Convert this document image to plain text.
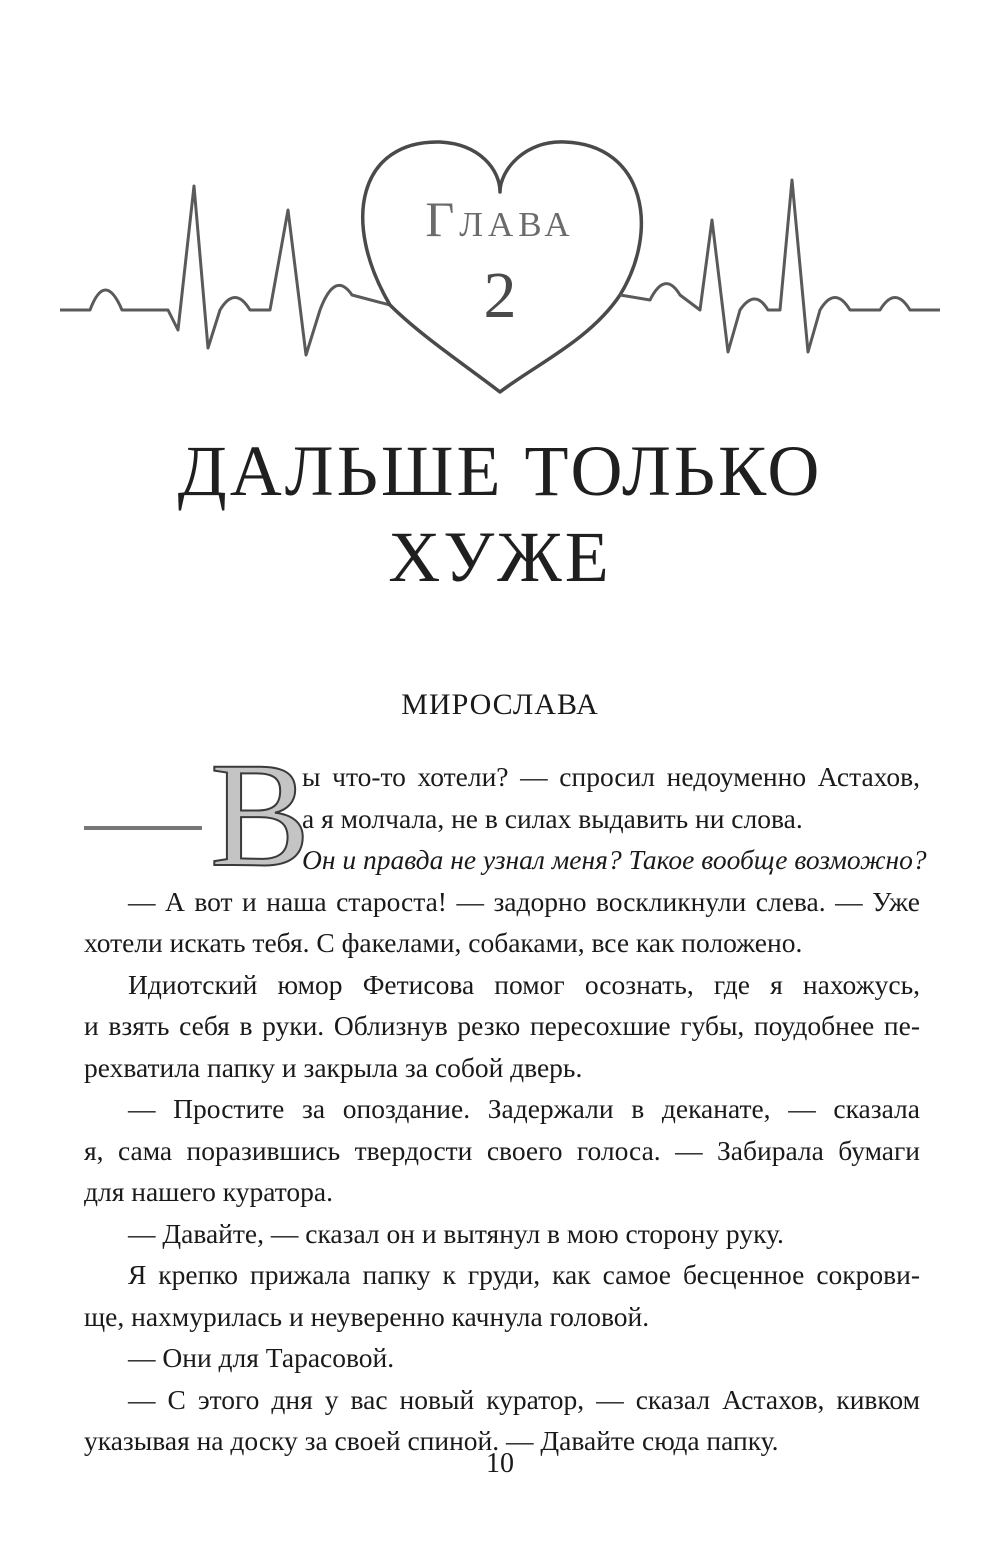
Глава
2
ДАЛЬШЕ ТОЛЬКО
ХУЖЕ
МИРОСЛАВА
В
ы что-то хотели? — спросил недоуменно Астахов,
а я молчала, не в силах выдавить ни слова.
Он и правда не узнал меня? Такое вообще возможно?
— А вот и наша староста! — задорно воскликнули слева. — Уже
хотели искать тебя. С факелами, собаками, все как положено.
Идиотский юмор Фетисова помог осознать, где я нахожусь,
и взять себя в руки. Облизнув резко пересохшие губы, поудобнее пе-
рехватила папку и закрыла за собой дверь.
— Простите за опоздание. Задержали в деканате, — сказала
я, сама поразившись твердости своего голоса. — Забирала бумаги
для нашего куратора.
— Давайте, — сказал он и вытянул в мою сторону руку.
Я крепко прижала папку к груди, как самое бесценное сокрови-
ще, нахмурилась и неуверенно качнула головой.
— Они для Тарасовой.
— С этого дня у вас новый куратор, — сказал Астахов, кивком
указывая на доску за своей спиной. — Давайте сюда папку.
10
